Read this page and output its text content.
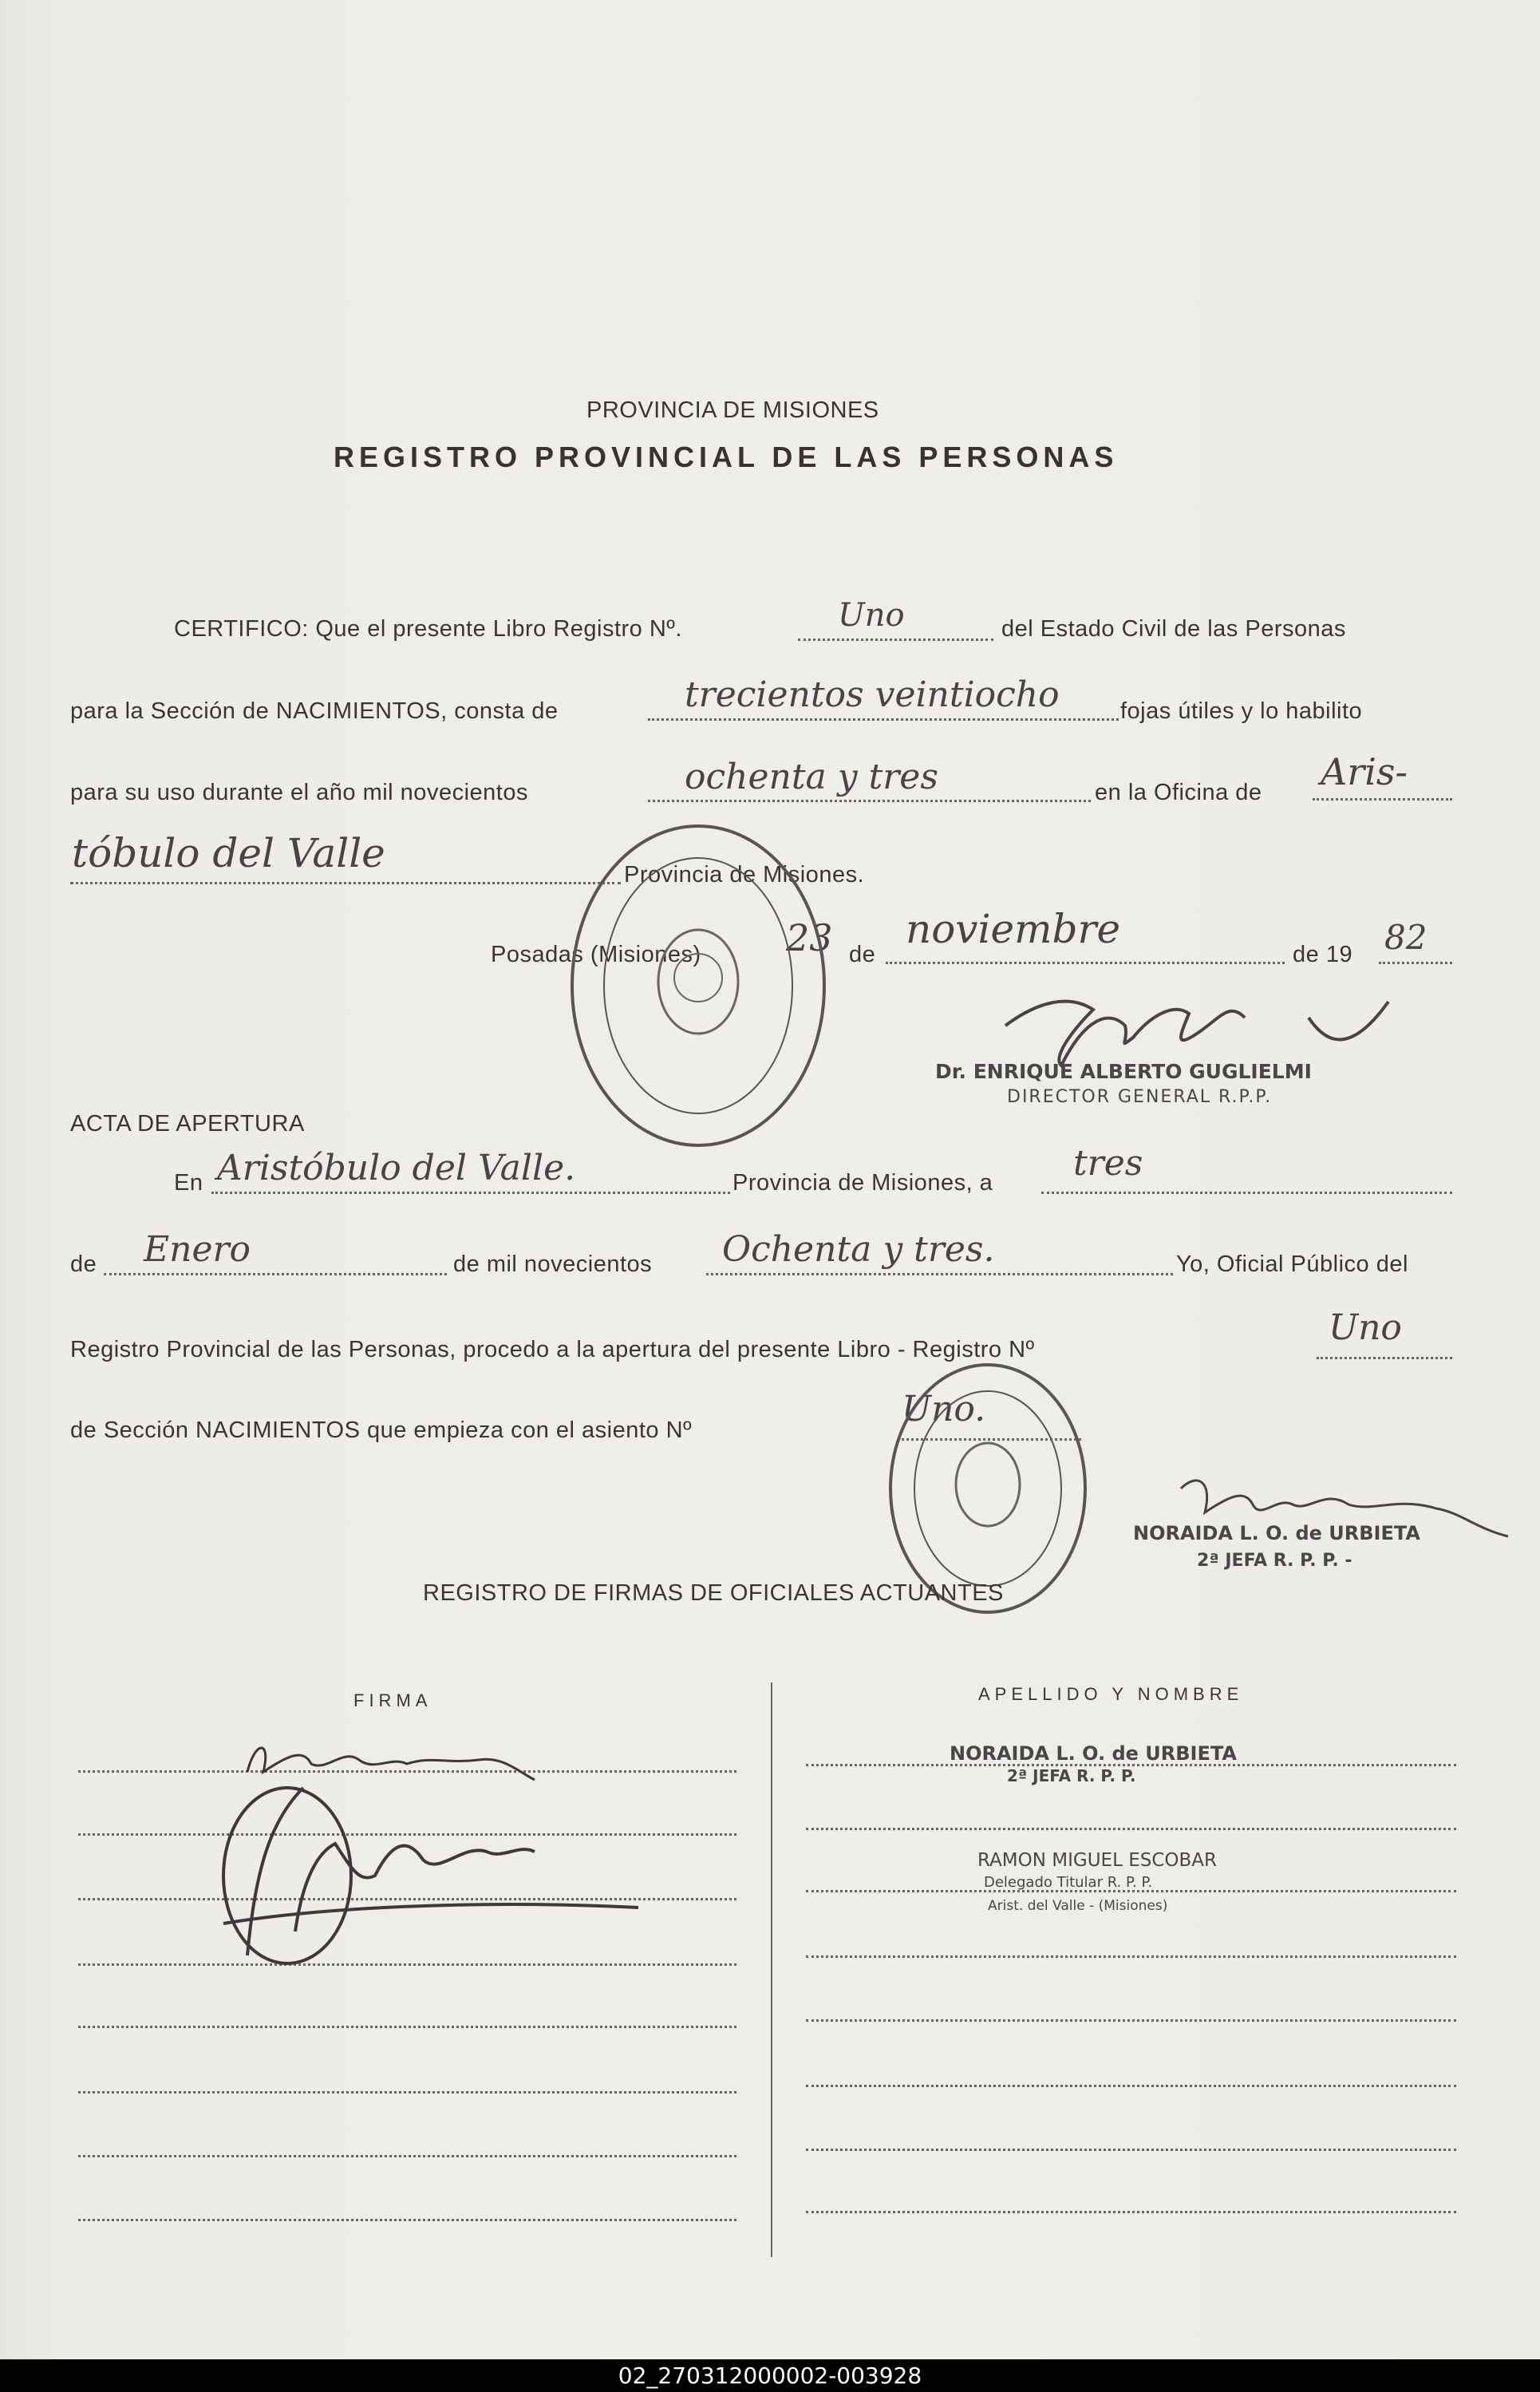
PROVINCIA DE MISIONES
REGISTRO PROVINCIAL DE LAS PERSONAS
CERTIFICO: Que el presente Libro Registro Nº.	Uno	del Estado Civil de las Personas
para la Sección de NACIMIENTOS, consta de	trecientos veintiocho	fojas útiles y lo habilito
para su uso durante el año mil novecientos	ochenta y tres	en la Oficina de Aris-
tóbulo del Valle	Provincia de Misiones.
Posadas (Misiones) 23 de
noviembre
de 19 82
Dr. ENRIQUE ALBERTO GUGLIELMI
DIRECTOR GENERAL R.P.P.
ACTA DE APERTURA
En Aristóbulo del Valle.	Provincia de Misiones, a tres
de Enero	de mil novecientos Ochenta y tres.	Yo, Oficial Público del
Registro Provincial de las Personas, procedo a la apertura del presente Libro - Registro Nº
Uno
de Sección NACIMIENTOS que empieza con el asiento Nº
Uno.
NORAIDA L. O. de URBIETA
2ª JEFA R. P. P. -
REGISTRO DE FIRMAS DE OFICIALES ACTUANTES
FIRMA	APELLIDO Y NOMBRE
NORAIDA L. O. de URBIETA
2ª JEFA R. P. P.
RAMON MIGUEL ESCOBAR
Delegado Titular R. P. P.
Arist. del Valle - (Misiones)
02_270312000002-003928
